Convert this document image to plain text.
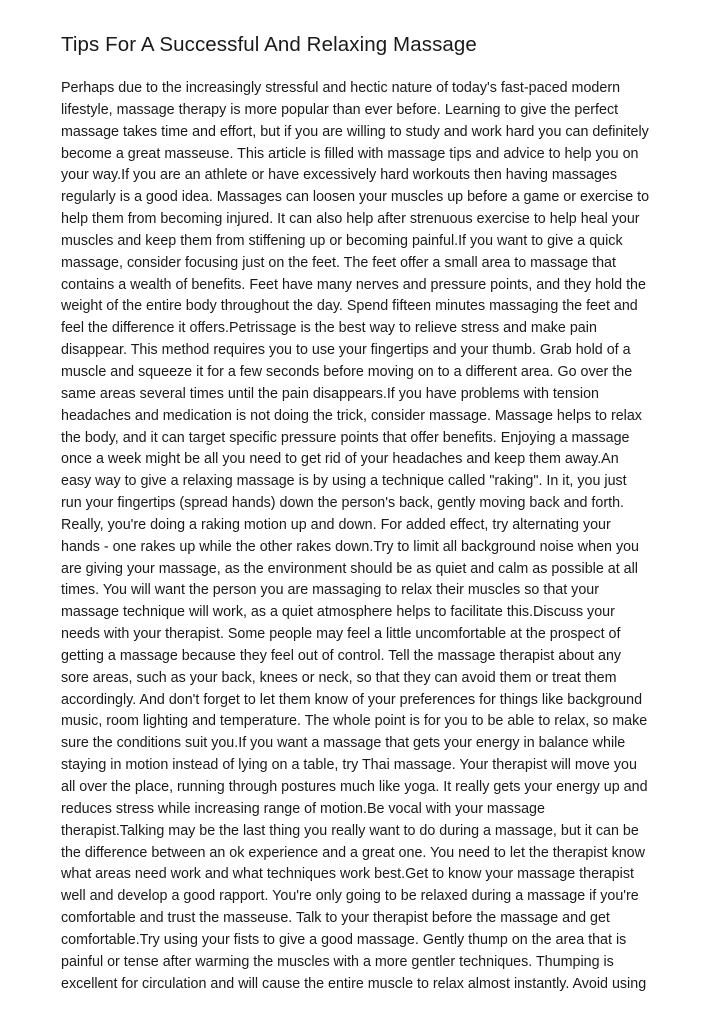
Tips For A Successful And Relaxing Massage
Perhaps due to the increasingly stressful and hectic nature of today's fast-paced modern
lifestyle, massage therapy is more popular than ever before. Learning to give the perfect
massage takes time and effort, but if you are willing to study and work hard you can definitely
become a great masseuse. This article is filled with massage tips and advice to help you on
your way.If you are an athlete or have excessively hard workouts then having massages
regularly is a good idea. Massages can loosen your muscles up before a game or exercise to
help them from becoming injured. It can also help after strenuous exercise to help heal your
muscles and keep them from stiffening up or becoming painful.If you want to give a quick
massage, consider focusing just on the feet. The feet offer a small area to massage that
contains a wealth of benefits. Feet have many nerves and pressure points, and they hold the
weight of the entire body throughout the day. Spend fifteen minutes massaging the feet and
feel the difference it offers.Petrissage is the best way to relieve stress and make pain
disappear. This method requires you to use your fingertips and your thumb. Grab hold of a
muscle and squeeze it for a few seconds before moving on to a different area. Go over the
same areas several times until the pain disappears.If you have problems with tension
headaches and medication is not doing the trick, consider massage. Massage helps to relax
the body, and it can target specific pressure points that offer benefits. Enjoying a massage
once a week might be all you need to get rid of your headaches and keep them away.An
easy way to give a relaxing massage is by using a technique called "raking". In it, you just
run your fingertips (spread hands) down the person's back, gently moving back and forth.
Really, you're doing a raking motion up and down. For added effect, try alternating your
hands - one rakes up while the other rakes down.Try to limit all background noise when you
are giving your massage, as the environment should be as quiet and calm as possible at all
times. You will want the person you are massaging to relax their muscles so that your
massage technique will work, as a quiet atmosphere helps to facilitate this.Discuss your
needs with your therapist. Some people may feel a little uncomfortable at the prospect of
getting a massage because they feel out of control. Tell the massage therapist about any
sore areas, such as your back, knees or neck, so that they can avoid them or treat them
accordingly. And don't forget to let them know of your preferences for things like background
music, room lighting and temperature. The whole point is for you to be able to relax, so make
sure the conditions suit you.If you want a massage that gets your energy in balance while
staying in motion instead of lying on a table, try Thai massage. Your therapist will move you
all over the place, running through postures much like yoga. It really gets your energy up and
reduces stress while increasing range of motion.Be vocal with your massage
therapist.Talking may be the last thing you really want to do during a massage, but it can be
the difference between an ok experience and a great one. You need to let the therapist know
what areas need work and what techniques work best.Get to know your massage therapist
well and develop a good rapport. You're only going to be relaxed during a massage if you're
comfortable and trust the masseuse. Talk to your therapist before the massage and get
comfortable.Try using your fists to give a good massage. Gently thump on the area that is
painful or tense after warming the muscles with a more gentler techniques. Thumping is
excellent for circulation and will cause the entire muscle to relax almost instantly. Avoid using
